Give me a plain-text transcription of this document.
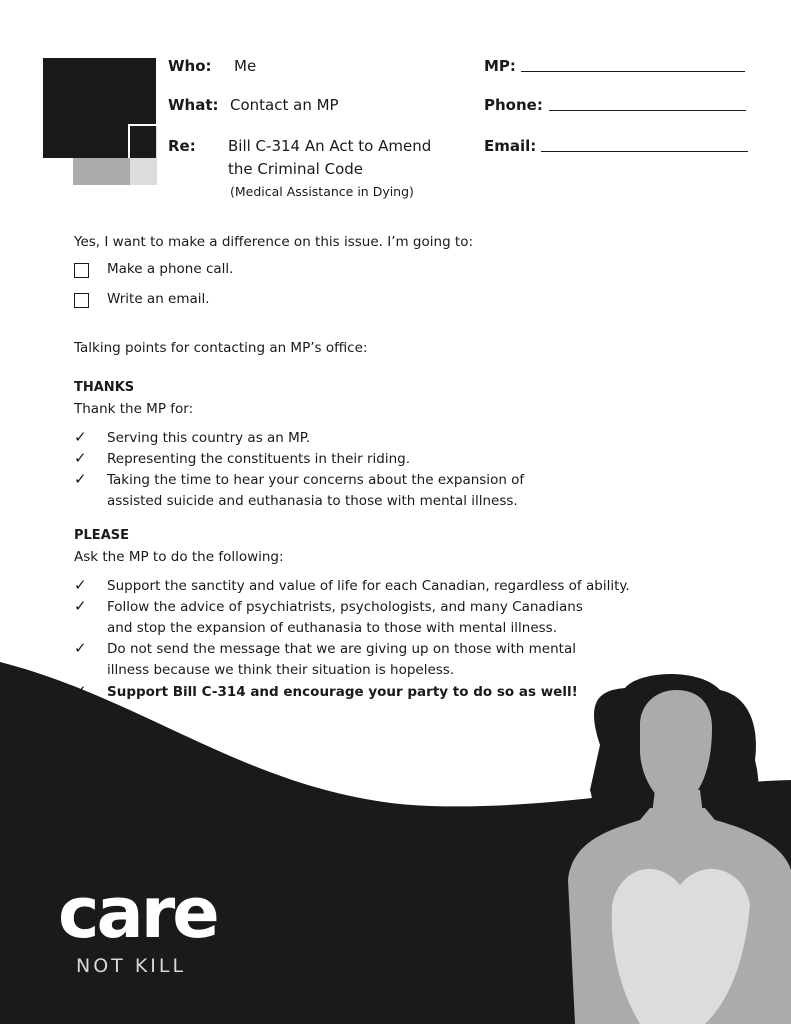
Who: Me
What: Contact an MP
Re: Bill C-314 An Act to Amend
the Criminal Code
(Medical Assistance in Dying)
MP:
Phone:
Email:
Yes, I want to make a difference on this issue. I’m going to:
Make a phone call.
Write an email.
Talking points for contacting an MP’s office:
THANKS
Thank the MP for:
✓	Serving this country as an MP.
✓	Representing the constituents in their riding.
✓	Taking the time to hear your concerns about the expansion of
assisted suicide and euthanasia to those with mental illness.
PLEASE
Ask the MP to do the following:
✓	Support the sanctity and value of life for each Canadian, regardless of ability.
✓	Follow the advice of psychiatrists, psychologists, and many Canadians
and stop the expansion of euthanasia to those with mental illness.
✓	Do not send the message that we are giving up on those with mental
illness because we think their situation is hopeless.
✓	Support Bill C-314 and encourage your party to do so as well!
care
NOT KILL
